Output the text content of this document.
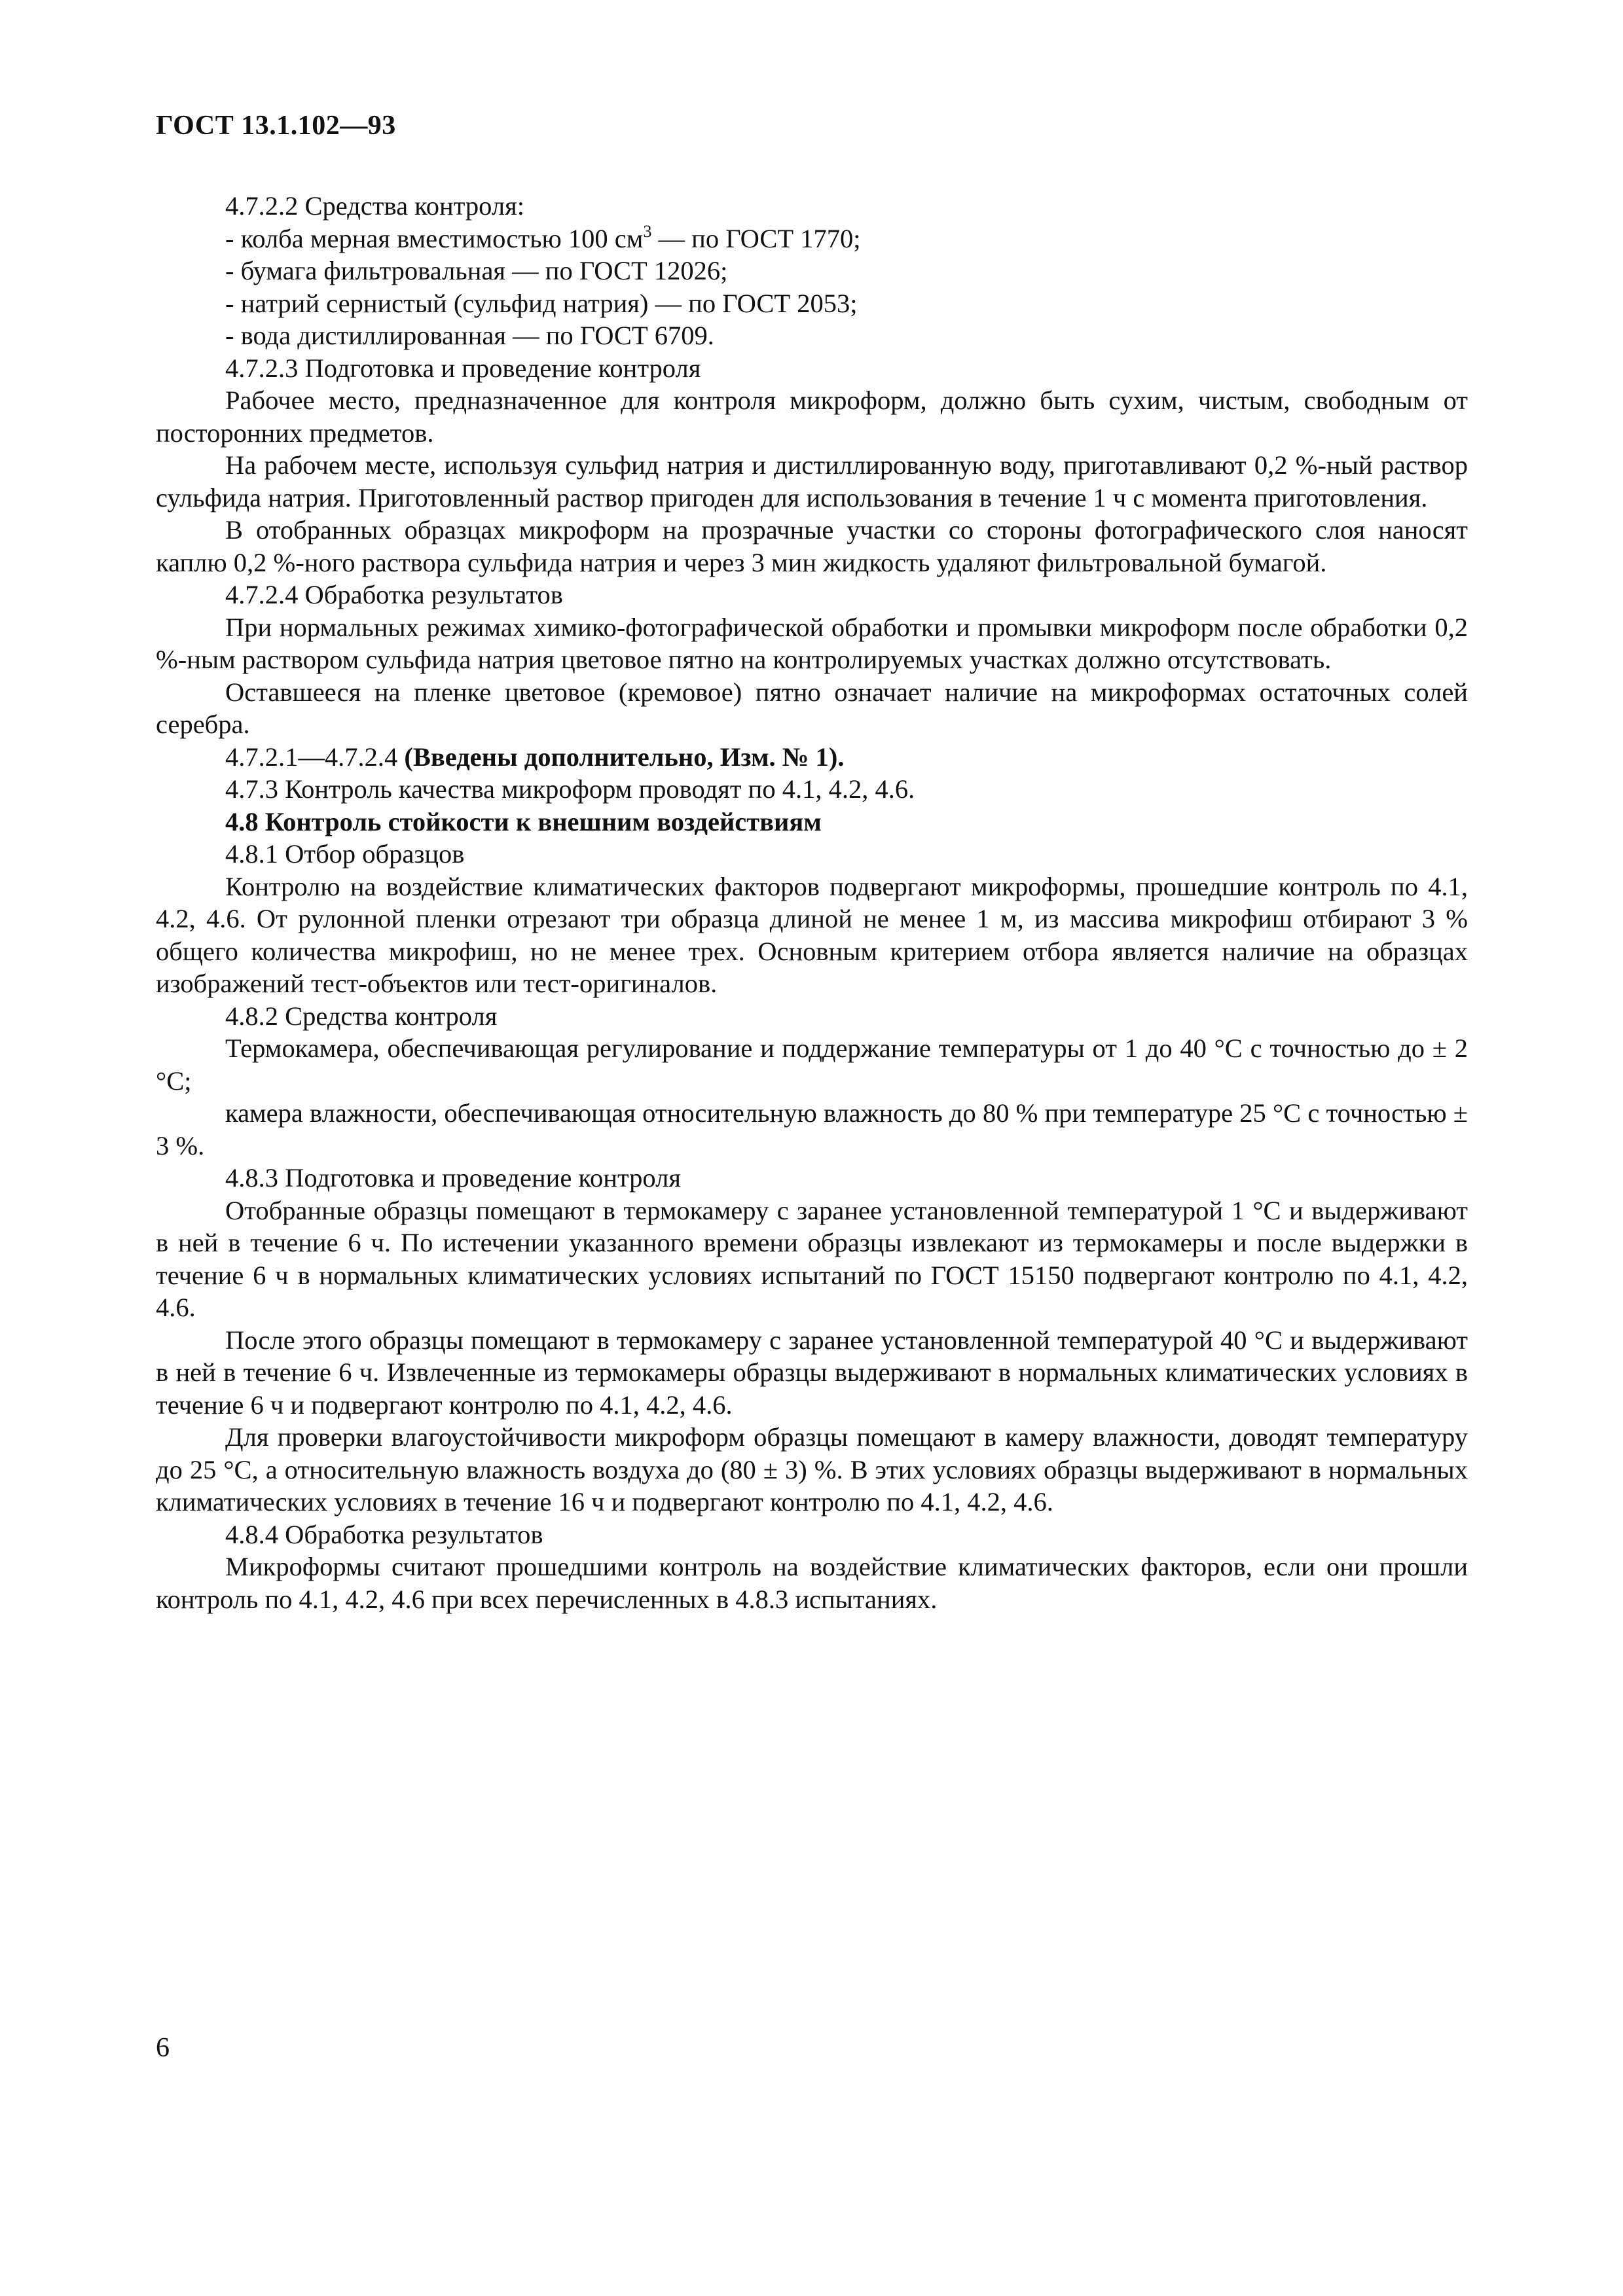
ГОСТ 13.1.102—93

4.7.2.2 Средства контроля:

- колба мерная вместимостью 100 $см^3$ — по ГОСТ 1770;

- бумага фильтровальная — по ГОСТ 12026;

- натрий сернистый (сульфид натрия) — по ГОСТ 2053;

- вода дистиллированная — по ГОСТ 6709.

4.7.2.3 Подготовка и проведение контроля

Рабочее место, предназначенное для контроля микроформ, должно быть сухим, чистым, свободным от посторонних предметов.

На рабочем месте, используя сульфид натрия и дистиллированную воду, приготавливают 0,2 %-ный раствор сульфида натрия. Приготовленный раствор пригоден для использования в течение 1 ч с момента приготовления.

В отобранных образцах микроформ на прозрачные участки со стороны фотографического слоя наносят каплю 0,2 %-ного раствора сульфида натрия и через 3 мин жидкость удаляют фильтровальной бумагой.

4.7.2.4 Обработка результатов

При нормальных режимах химико-фотографической обработки и промывки микроформ после обработки 0,2 %-ным раствором сульфида натрия цветовое пятно на контролируемых участках должно отсутствовать.

Оставшееся на пленке цветовое (кремовое) пятно означает наличие на микроформах остаточных солей серебра.

4.7.2.1—4.7.2.4 (Введены дополнительно, Изм. № 1).

4.7.3 Контроль качества микроформ проводят по 4.1, 4.2, 4.6.

4.8 Контроль стойкости к внешним воздействиям

4.8.1 Отбор образцов

Контролю на воздействие климатических факторов подвергают микроформы, прошедшие контроль по 4.1, 4.2, 4.6. От рулонной пленки отрезают три образца длиной не менее 1 м, из массива микрофиш отбирают 3 % общего количества микрофиш, но не менее трех. Основным критерием отбора является наличие на образцах изображений тест-объектов или тест-оригиналов.

4.8.2 Средства контроля

Термокамера, обеспечивающая регулирование и поддержание температуры от 1 до 40 °С с точностью до ± 2 °С;

камера влажности, обеспечивающая относительную влажность до 80 % при температуре 25 °С с точностью ± 3 %.

4.8.3 Подготовка и проведение контроля

Отобранные образцы помещают в термокамеру с заранее установленной температурой 1 °С и выдерживают в ней в течение 6 ч. По истечении указанного времени образцы извлекают из термокамеры и после выдержки в течение 6 ч в нормальных климатических условиях испытаний по ГОСТ 15150 подвергают контролю по 4.1, 4.2, 4.6.

После этого образцы помещают в термокамеру с заранее установленной температурой 40 °С и выдерживают в ней в течение 6 ч. Извлеченные из термокамеры образцы выдерживают в нормальных климатических условиях в течение 6 ч и подвергают контролю по 4.1, 4.2, 4.6.

Для проверки влагоустойчивости микроформ образцы помещают в камеру влажности, доводят температуру до 25 °С, а относительную влажность воздуха до (80 ± 3) %. В этих условиях образцы выдерживают в нормальных климатических условиях в течение 16 ч и подвергают контролю по 4.1, 4.2, 4.6.

4.8.4 Обработка результатов

Микроформы считают прошедшими контроль на воздействие климатических факторов, если они прошли контроль по 4.1, 4.2, 4.6 при всех перечисленных в 4.8.3 испытаниях.

6
